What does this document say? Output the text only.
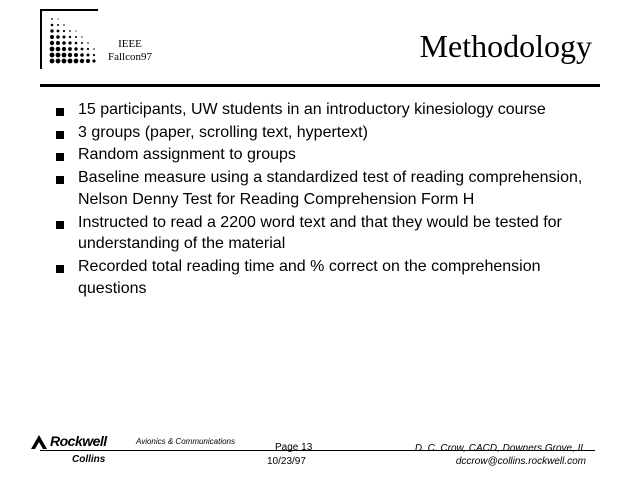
IEEE
Fallcon97	Methodology
15 participants, UW students in an introductory kinesiology course
3 groups (paper, scrolling text, hypertext)
Random assignment to groups
Baseline measure using a standardized test of reading comprehension, Nelson Denny Test for Reading Comprehension Form H
Instructed to read a 2200 word text and that they would be tested for understanding of the material
Recorded total reading time and % correct on the comprehension questions
Rockwell	Avionics & Communications
Collins
Page 13
10/23/97
D. C. Crow, CACD, Downers Grove, IL
dccrow@collins.rockwell.com
